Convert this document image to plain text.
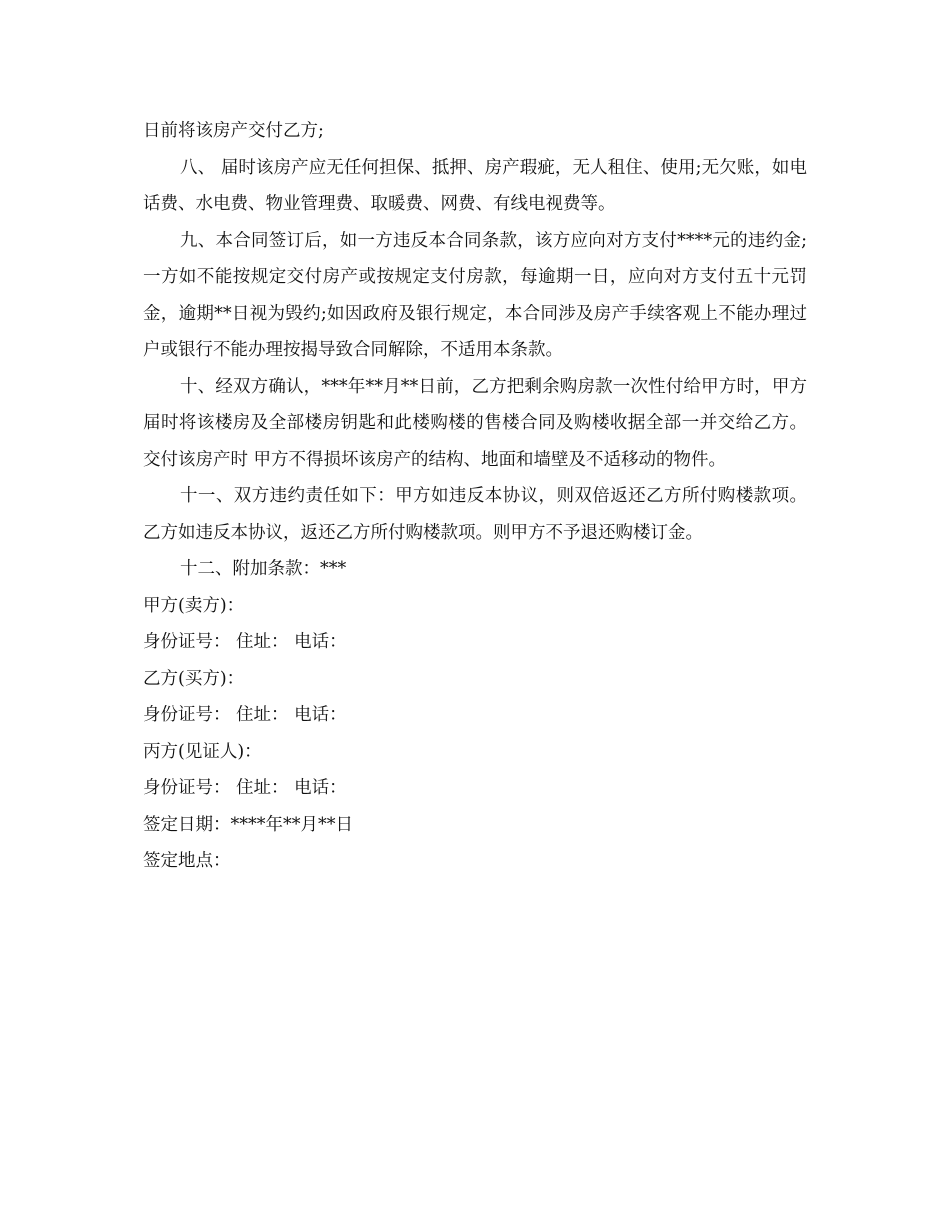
日前将该房产交付乙方;

八、 届时该房产应无任何担保、抵押、房产瑕疵，无人租住、使用;无欠账，如电话费、水电费、物业管理费、取暖费、网费、有线电视费等。

九、本合同签订后，如一方违反本合同条款，该方应向对方支付****元的违约金;一方如不能按规定交付房产或按规定支付房款，每逾期一日，应向对方支付五十元罚金，逾期**日视为毁约;如因政府及银行规定，本合同涉及房产手续客观上不能办理过户或银行不能办理按揭导致合同解除，不适用本条款。

十、经双方确认，***年**月**日前，乙方把剩余购房款一次性付给甲方时，甲方届时将该楼房及全部楼房钥匙和此楼购楼的售楼合同及购楼收据全部一并交给乙方。交付该房产时 甲方不得损坏该房产的结构、地面和墙壁及不适移动的物件。

十一、双方违约责任如下：甲方如违反本协议，则双倍返还乙方所付购楼款项。乙方如违反本协议，返还乙方所付购楼款项。则甲方不予退还购楼订金。

十二、附加条款：***

甲方(卖方)：

身份证号： 住址： 电话：

乙方(买方)：

身份证号： 住址： 电话：

丙方(见证人)：

身份证号： 住址： 电话：

签定日期：****年**月**日

签定地点：
